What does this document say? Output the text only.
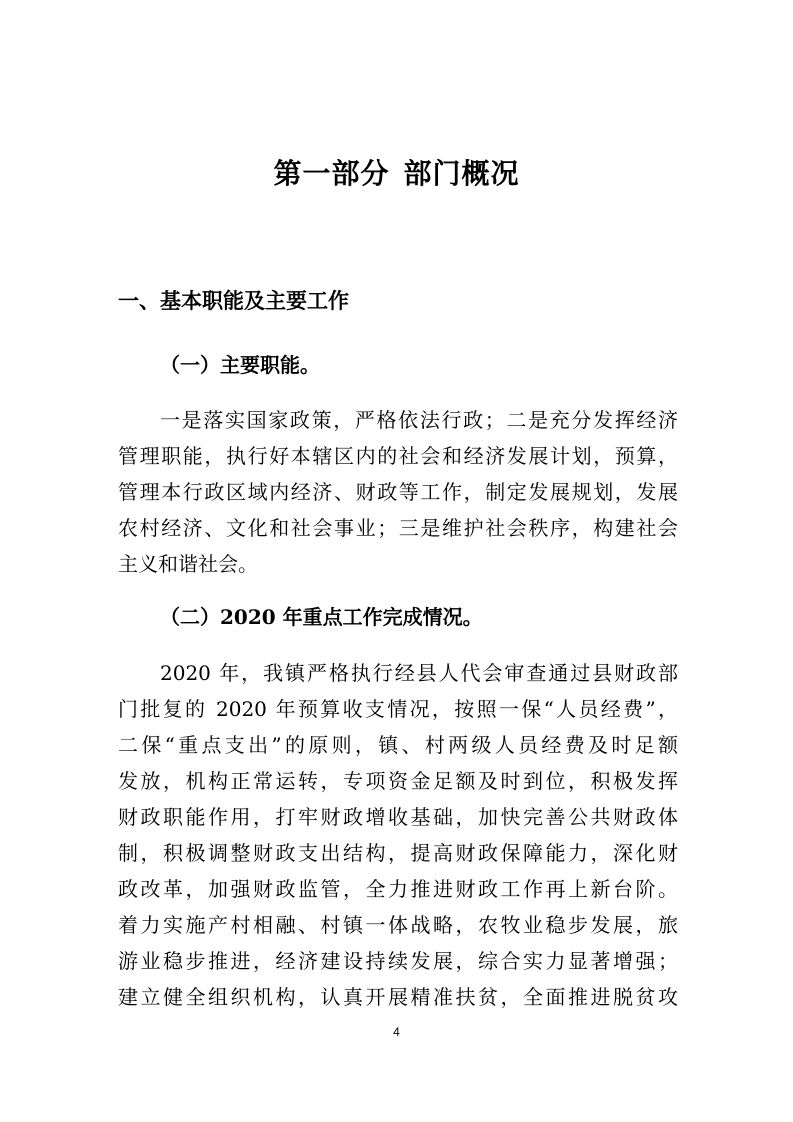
第一部分 部门概况
一、基本职能及主要工作
（一）主要职能。
一是落实国家政策，严格依法行政；二是充分发挥经济
管理职能，执行好本辖区内的社会和经济发展计划，预算，
管理本行政区域内经济、财政等工作，制定发展规划，发展
农村经济、文化和社会事业；三是维护社会秩序，构建社会
主义和谐社会。
（二）2020 年重点工作完成情况。
2020 年，我镇严格执行经县人代会审查通过县财政部
门批复的 2020 年预算收支情况，按照一保“人员经费”，
二保“重点支出”的原则，镇、村两级人员经费及时足额
发放，机构正常运转，专项资金足额及时到位，积极发挥
财政职能作用，打牢财政增收基础，加快完善公共财政体
制，积极调整财政支出结构，提高财政保障能力，深化财
政改革，加强财政监管，全力推进财政工作再上新台阶。
着力实施产村相融、村镇一体战略，农牧业稳步发展，旅
游业稳步推进，经济建设持续发展，综合实力显著增强；
建立健全组织机构，认真开展精准扶贫，全面推进脱贫攻
4
